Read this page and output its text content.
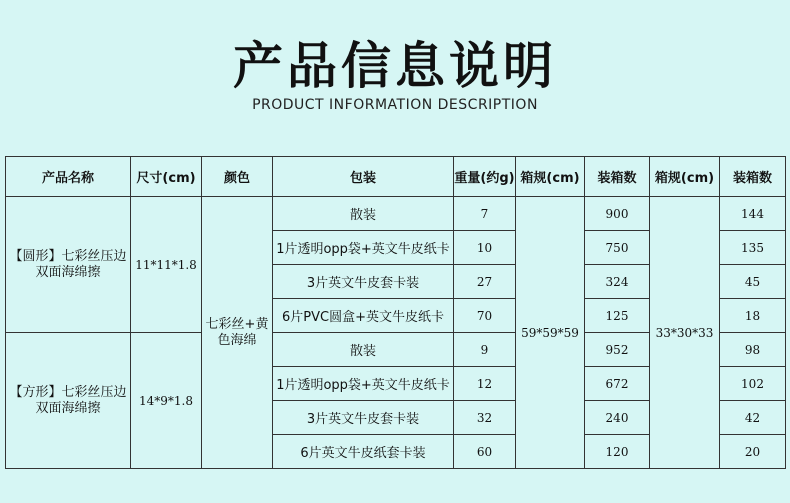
产品信息说明
PRODUCT INFORMATION DESCRIPTION
产品名称	尺寸(cm)	颜色	包装	重量(约g)	箱规(cm)	装箱数	箱规(cm)	装箱数
【圆形】七彩丝压边双面海绵擦	11*11*1.8	七彩丝+黄色海绵	散装	7	59*59*59	900	33*30*33	144
			1片透明opp袋+英文牛皮纸卡	10		750		135
			3片英文牛皮套卡装	27		324		45
			6片PVC圆盒+英文牛皮纸卡	70		125		18
【方形】七彩丝压边双面海绵擦	14*9*1.8		散装	9		952		98
			1片透明opp袋+英文牛皮纸卡	12		672		102
			3片英文牛皮套卡装	32		240		42
			6片英文牛皮纸套卡装	60		120		20
